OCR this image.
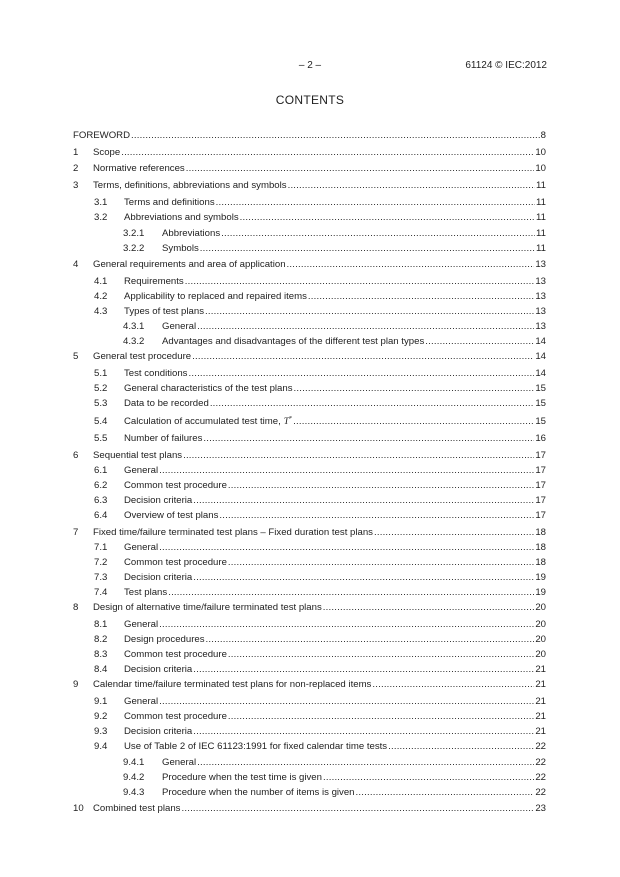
– 2 –	61124 © IEC:2012
CONTENTS
FOREWORD .....	8
1	Scope .....	10
2	Normative references .....	10
3	Terms, definitions, abbreviations and symbols .....	11
3.1	Terms and definitions .....	11
3.2	Abbreviations and symbols .....	11
3.2.1	Abbreviations .....	11
3.2.2	Symbols .....	11
4	General requirements and area of application .....	13
4.1	Requirements .....	13
4.2	Applicability to replaced and repaired items .....	13
4.3	Types of test plans .....	13
4.3.1	General .....	13
4.3.2	Advantages and disadvantages of the different test plan types .....	14
5	General test procedure .....	14
5.1	Test conditions .....	14
5.2	General characteristics of the test plans .....	15
5.3	Data to be recorded .....	15
5.4	Calculation of accumulated test time, T* .....	15
5.5	Number of failures .....	16
6	Sequential test plans .....	17
6.1	General .....	17
6.2	Common test procedure .....	17
6.3	Decision criteria .....	17
6.4	Overview of test plans .....	17
7	Fixed time/failure terminated test plans – Fixed duration test plans .....	18
7.1	General .....	18
7.2	Common test procedure .....	18
7.3	Decision criteria .....	19
7.4	Test plans .....	19
8	Design of alternative time/failure terminated test plans .....	20
8.1	General .....	20
8.2	Design procedures .....	20
8.3	Common test procedure .....	20
8.4	Decision criteria .....	21
9	Calendar time/failure terminated test plans for non-replaced items .....	21
9.1	General .....	21
9.2	Common test procedure .....	21
9.3	Decision criteria .....	21
9.4	Use of Table 2 of IEC 61123:1991 for fixed calendar time tests .....	22
9.4.1	General .....	22
9.4.2	Procedure when the test time is given .....	22
9.4.3	Procedure when the number of items is given .....	22
10 Combined test plans .....	23
